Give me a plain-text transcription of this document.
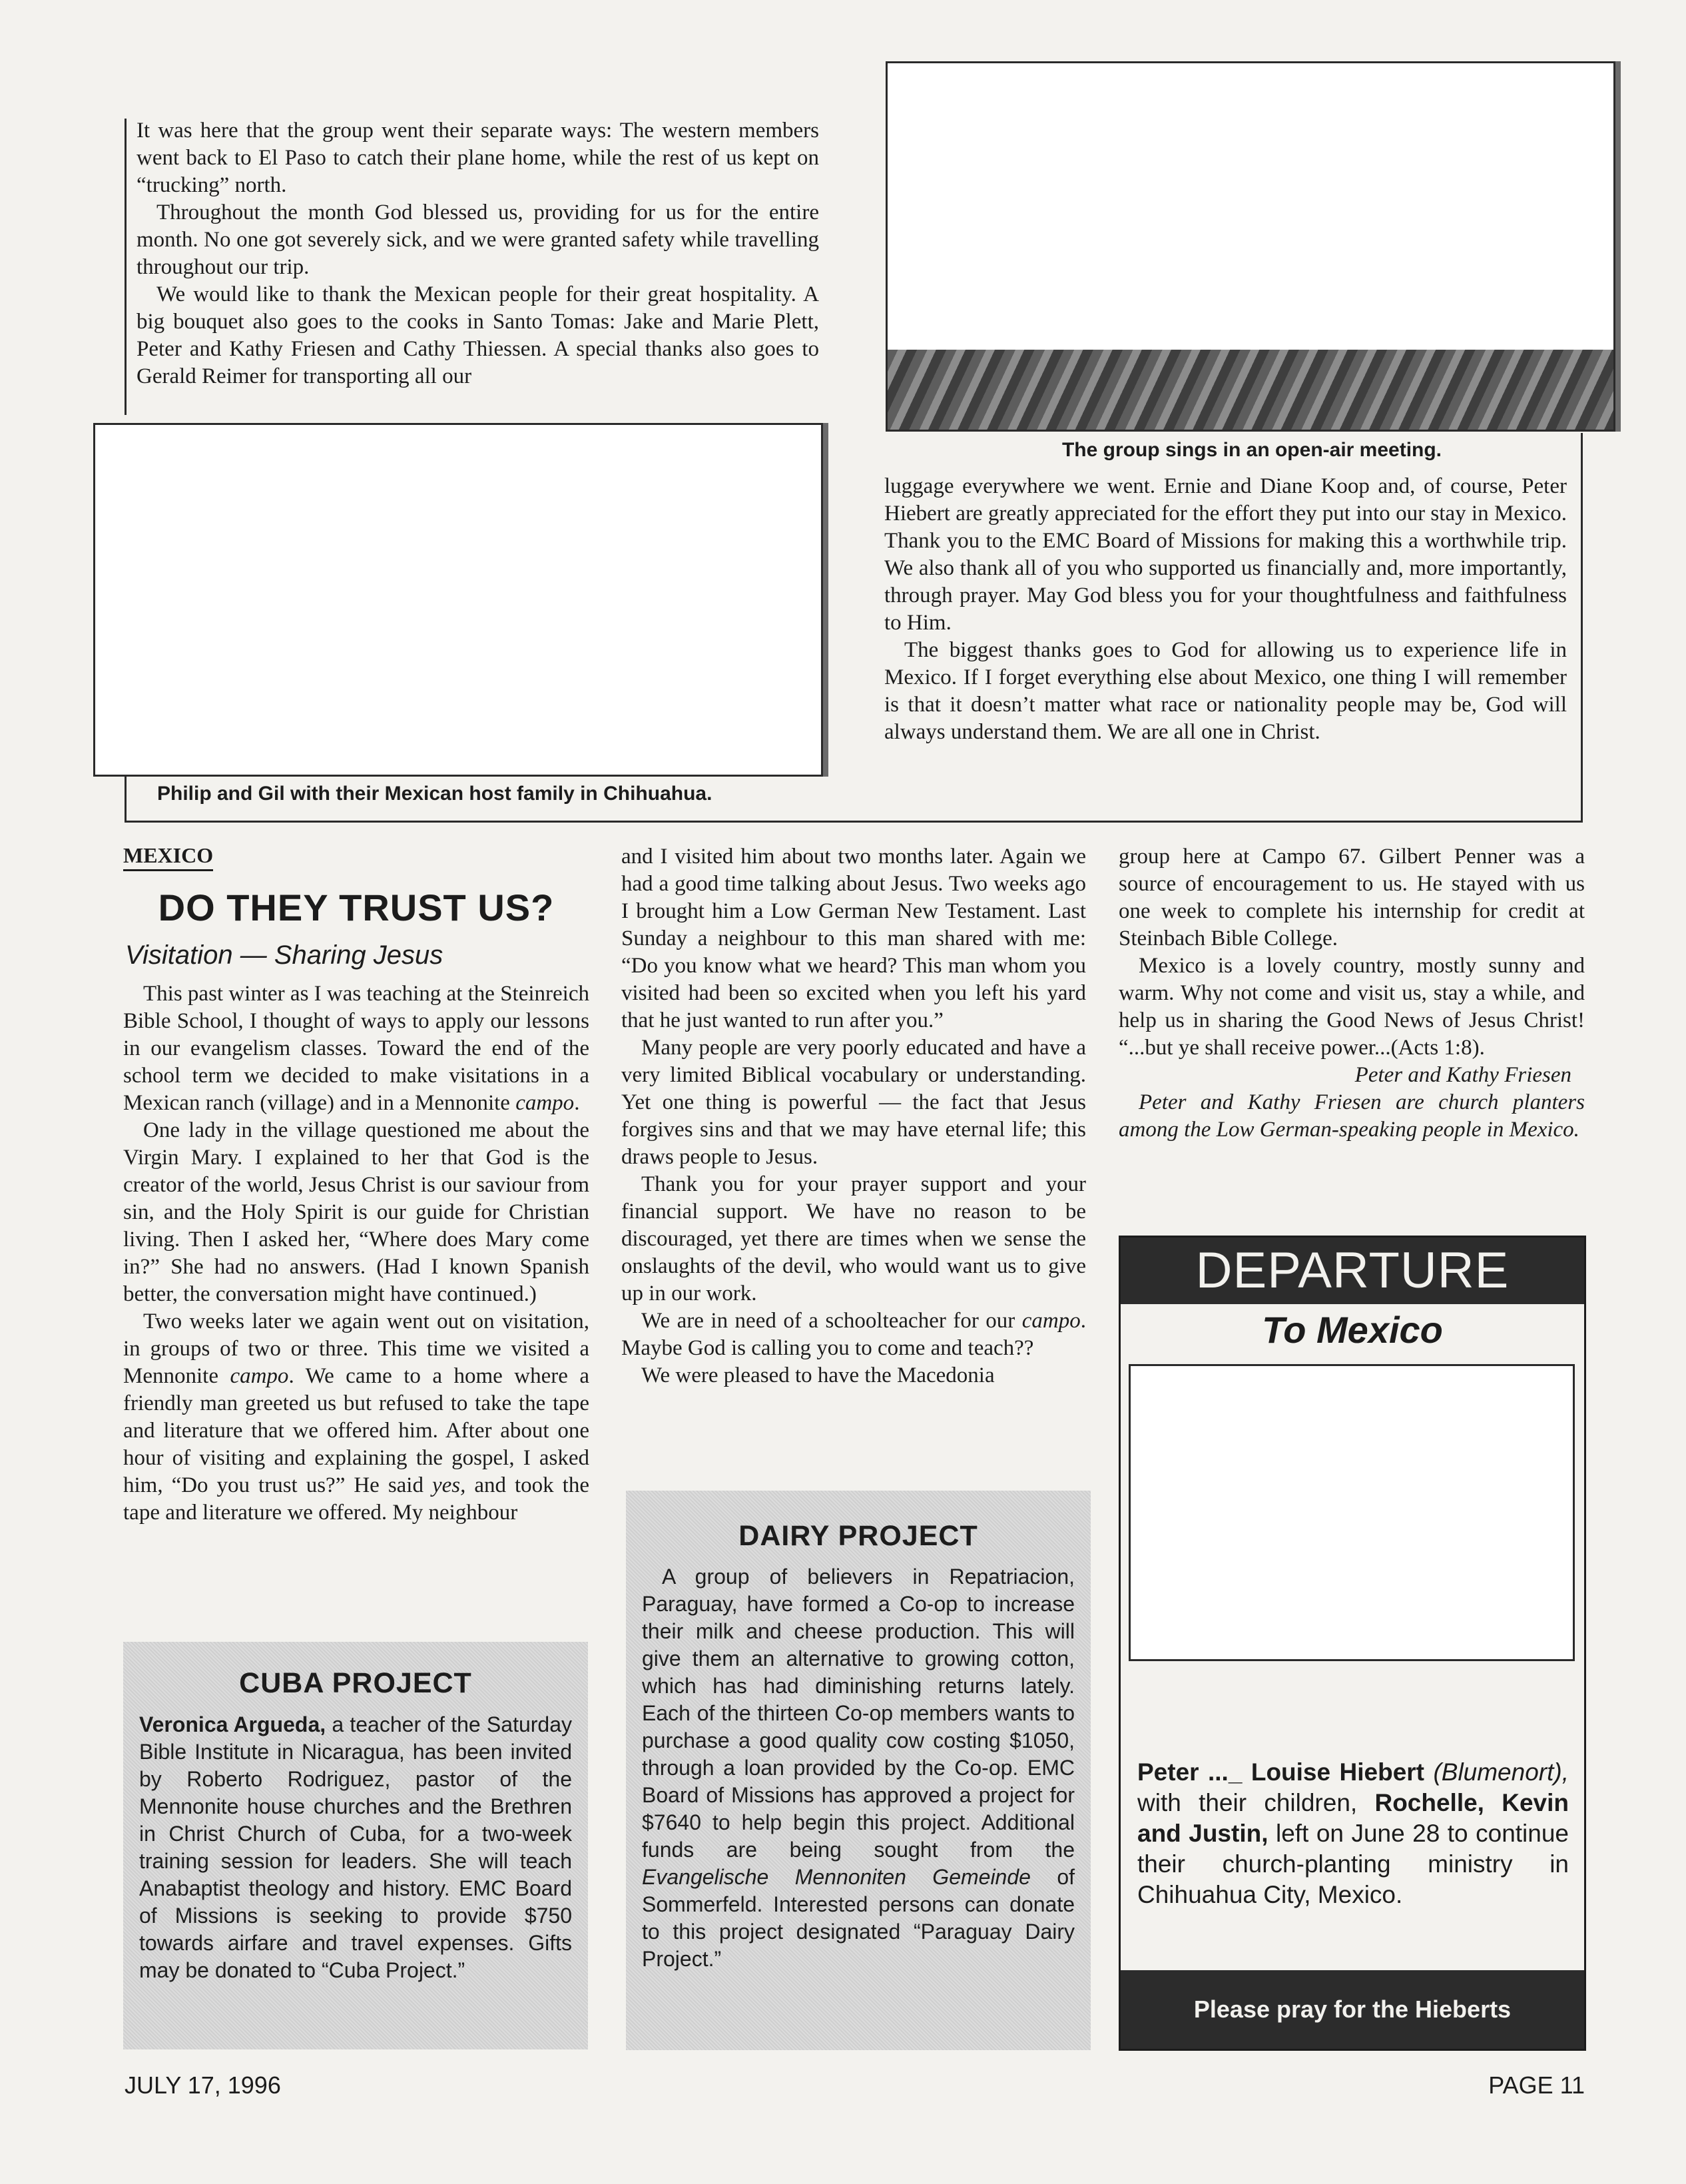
It was here that the group went their separate ways: The western members went back to El Paso to catch their plane home, while the rest of us kept on “trucking” north.

Throughout the month God blessed us, providing for us for the entire month. No one got severely sick, and we were granted safety while travelling throughout our trip.

We would like to thank the Mexican people for their great hospitality. A big bouquet also goes to the cooks in Santo Tomas: Jake and Marie Plett, Peter and Kathy Friesen and Cathy Thiessen. A special thanks also goes to Gerald Reimer for transporting all our

The group sings in an open-air meeting.
Philip and Gil with their Mexican host family in Chihuahua.

luggage everywhere we went. Ernie and Diane Koop and, of course, Peter Hiebert are greatly appreciated for the effort they put into our stay in Mexico. Thank you to the EMC Board of Missions for making this a worthwhile trip. We also thank all of you who supported us financially and, more importantly, through prayer. May God bless you for your thoughtfulness and faithfulness to Him.

The biggest thanks goes to God for allowing us to experience life in Mexico. If I forget everything else about Mexico, one thing I will remember is that it doesn’t matter what race or nationality people may be, God will always understand them. We are all one in Christ.

MEXICO
DO THEY TRUST US?
Visitation — Sharing Jesus

This past winter as I was teaching at the Steinreich Bible School, I thought of ways to apply our lessons in our evangelism classes. Toward the end of the school term we decided to make visitations in a Mexican ranch (village) and in a Mennonite campo.

One lady in the village questioned me about the Virgin Mary. I explained to her that God is the creator of the world, Jesus Christ is our saviour from sin, and the Holy Spirit is our guide for Christian living. Then I asked her, “Where does Mary come in?” She had no answers. (Had I known Spanish better, the conversation might have continued.)

Two weeks later we again went out on visitation, in groups of two or three. This time we visited a Mennonite campo. We came to a home where a friendly man greeted us but refused to take the tape and literature that we offered him. After about one hour of visiting and explaining the gospel, I asked him, “Do you trust us?” He said yes, and took the tape and literature we offered. My neighbour

and I visited him about two months later. Again we had a good time talking about Jesus. Two weeks ago I brought him a Low German New Testament. Last Sunday a neighbour to this man shared with me: “Do you know what we heard? This man whom you visited had been so excited when you left his yard that he just wanted to run after you.”

Many people are very poorly educated and have a very limited Biblical vocabulary or understanding. Yet one thing is powerful — the fact that Jesus forgives sins and that we may have eternal life; this draws people to Jesus.

Thank you for your prayer support and your financial support. We have no reason to be discouraged, yet there are times when we sense the onslaughts of the devil, who would want us to give up in our work.

We are in need of a schoolteacher for our campo. Maybe God is calling you to come and teach??

We were pleased to have the Macedonia

group here at Campo 67. Gilbert Penner was a source of encouragement to us. He stayed with us one week to complete his internship for credit at Steinbach Bible College.

Mexico is a lovely country, mostly sunny and warm. Why not come and visit us, stay a while, and help us in sharing the Good News of Jesus Christ! “...but ye shall receive power...(Acts 1:8).

Peter and Kathy Friesen

Peter and Kathy Friesen are church planters among the Low German-speaking people in Mexico.

CUBA PROJECT

Veronica Argueda, a teacher of the Saturday Bible Institute in Nicaragua, has been invited by Roberto Rodriguez, pastor of the Mennonite house churches and the Brethren in Christ Church of Cuba, for a two-week training session for leaders. She will teach Anabaptist theology and history. EMC Board of Missions is seeking to provide $750 towards airfare and travel expenses. Gifts may be donated to “Cuba Project.”

DAIRY PROJECT

A group of believers in Repatriacion, Paraguay, have formed a Co-op to increase their milk and cheese production. This will give them an alternative to growing cotton, which has had diminishing returns lately. Each of the thirteen Co-op members wants to purchase a good quality cow costing $1050, through a loan provided by the Co-op. EMC Board of Missions has approved a project for $7640 to help begin this project. Additional funds are being sought from the Evangelische Mennoniten Gemeinde of Sommerfeld. Interested persons can donate to this project designated “Paraguay Dairy Project.”

DEPARTURE
To Mexico

Peter ..._ Louise Hiebert (Blumenort), with their children, Rochelle, Kevin and Justin, left on June 28 to continue their church-planting ministry in Chihuahua City, Mexico.

Please pray for the Hieberts
JULY 17, 1996	PAGE 11
